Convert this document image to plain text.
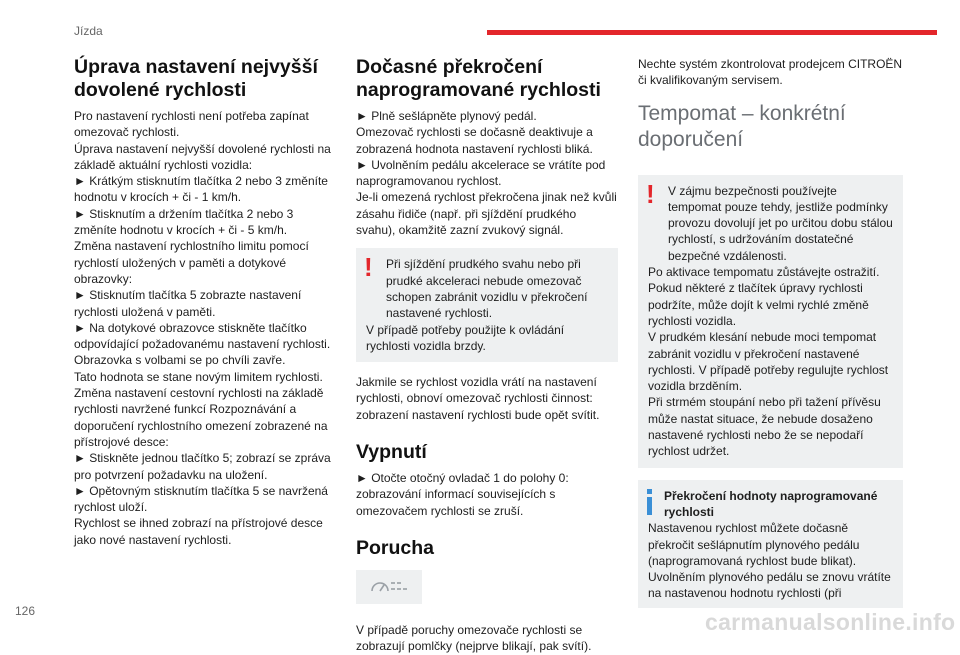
Jízda
Úprava nastavení nejvyšší dovolené rychlosti

Pro nastavení rychlosti není potřeba zapínat omezovač rychlosti.

Úprava nastavení nejvyšší dovolené rychlosti na základě aktuální rychlosti vozidla:

► Krátkým stisknutím tlačítka 2 nebo 3 změníte hodnotu v krocích + či - 1 km/h.

► Stisknutím a držením tlačítka 2 nebo 3 změníte hodnotu v krocích + či - 5 km/h.

Změna nastavení rychlostního limitu pomocí rychlostí uložených v paměti a dotykové obrazovky:

► Stisknutím tlačítka 5 zobrazte nastavení rychlosti uložená v paměti.

► Na dotykové obrazovce stiskněte tlačítko odpovídající požadovanému nastavení rychlosti.

Obrazovka s volbami se po chvíli zavře.

Tato hodnota se stane novým limitem rychlosti.

Změna nastavení cestovní rychlosti na základě rychlosti navržené funkcí Rozpoznávání a doporučení rychlostního omezení zobrazené na přístrojové desce:

► Stiskněte jednou tlačítko 5; zobrazí se zpráva pro potvrzení požadavku na uložení.

► Opětovným stisknutím tlačítka 5 se navržená rychlost uloží.

Rychlost se ihned zobrazí na přístrojové desce jako nové nastavení rychlosti.

Dočasné překročení naprogramované rychlosti

► Plně sešlápněte plynový pedál.

Omezovač rychlosti se dočasně deaktivuje a zobrazená hodnota nastavení rychlosti bliká.

► Uvolněním pedálu akcelerace se vrátíte pod naprogramovanou rychlost.

Je-li omezená rychlost překročena jinak než kvůli zásahu řidiče (např. při sjíždění prudkého svahu), okamžitě zazní zvukový signál.

!	Při sjíždění prudkého svahu nebo při prudké akceleraci nebude omezovač schopen zabránit vozidlu v překročení nastavené rychlosti.

V případě potřeby použijte k ovládání rychlosti vozidla brzdy.

Jakmile se rychlost vozidla vrátí na nastavení rychlosti, obnoví omezovač rychlosti činnost: zobrazení nastavení rychlosti bude opět svítit.

Vypnutí

► Otočte otočný ovladač 1 do polohy 0: zobrazování informací souvisejících s omezovačem rychlosti se zruší.

Porucha

V případě poruchy omezovače rychlosti se zobrazují pomlčky (nejprve blikají, pak svítí).

Nechte systém zkontrolovat prodejcem CITROËN či kvalifikovaným servisem.

Tempomat – konkrétní doporučení
!	V zájmu bezpečnosti používejte tempomat pouze tehdy, jestliže podmínky provozu dovolují jet po určitou dobu stálou rychlostí, s udržováním dostatečné bezpečné vzdálenosti.

Po aktivace tempomatu zůstávejte ostražití.

Pokud některé z tlačítek úpravy rychlosti podržíte, může dojít k velmi rychlé změně rychlosti vozidla.

V prudkém klesání nebude moci tempomat zabránit vozidlu v překročení nastavené rychlosti. V případě potřeby regulujte rychlost vozidla brzděním.

Při strmém stoupání nebo při tažení přívěsu může nastat situace, že nebude dosaženo nastavené rychlosti nebo že se nepodaří rychlost udržet.

Překročení hodnoty naprogramované rychlosti

Nastavenou rychlost můžete dočasně překročit sešlápnutím plynového pedálu (naprogramovaná rychlost bude blikat). Uvolněním plynového pedálu se znovu vrátíte na nastavenou hodnotu rychlosti (při

126	carmanualsonline.info
